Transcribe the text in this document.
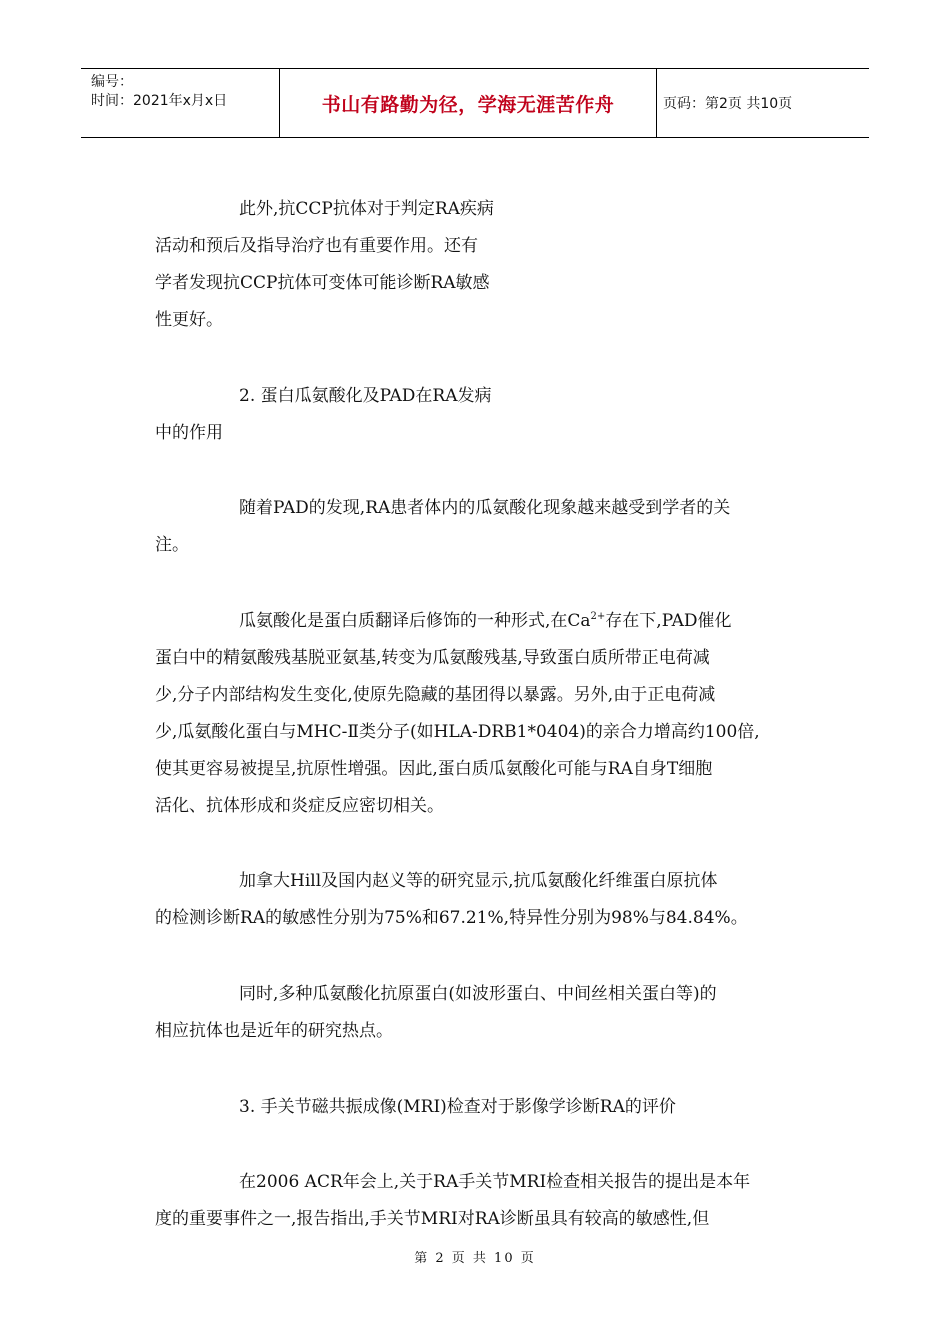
编号：
时间：2021年x月x日	书山有路勤为径，学海无涯苦作舟	页码：第2页 共10页
此外,抗CCP抗体对于判定RA疾病
活动和预后及指导治疗也有重要作用。还有
学者发现抗CCP抗体可变体可能诊断RA敏感
性更好。
2. 蛋白瓜氨酸化及PAD在RA发病
中的作用
随着PAD的发现,RA患者体内的瓜氨酸化现象越来越受到学者的关
注。
瓜氨酸化是蛋白质翻译后修饰的一种形式,在$Ca^{2+}$存在下,PAD催化
蛋白中的精氨酸残基脱亚氨基,转变为瓜氨酸残基,导致蛋白质所带正电荷减
少,分子内部结构发生变化,使原先隐藏的基团得以暴露。另外,由于正电荷减
少,瓜氨酸化蛋白与MHC-Ⅱ类分子(如HLA-DRB1*0404)的亲合力增高约100倍,
使其更容易被提呈,抗原性增强。因此,蛋白质瓜氨酸化可能与RA自身T细胞
活化、抗体形成和炎症反应密切相关。
加拿大Hill及国内赵义等的研究显示,抗瓜氨酸化纤维蛋白原抗体
的检测诊断RA的敏感性分别为75%和67.21%,特异性分别为98%与84.84%。
同时,多种瓜氨酸化抗原蛋白(如波形蛋白、中间丝相关蛋白等)的
相应抗体也是近年的研究热点。
3. 手关节磁共振成像(MRI)检查对于影像学诊断RA的评价
在2006 ACR年会上,关于RA手关节MRI检查相关报告的提出是本年
度的重要事件之一,报告指出,手关节MRI对RA诊断虽具有较高的敏感性,但
第 2 页 共 10 页
